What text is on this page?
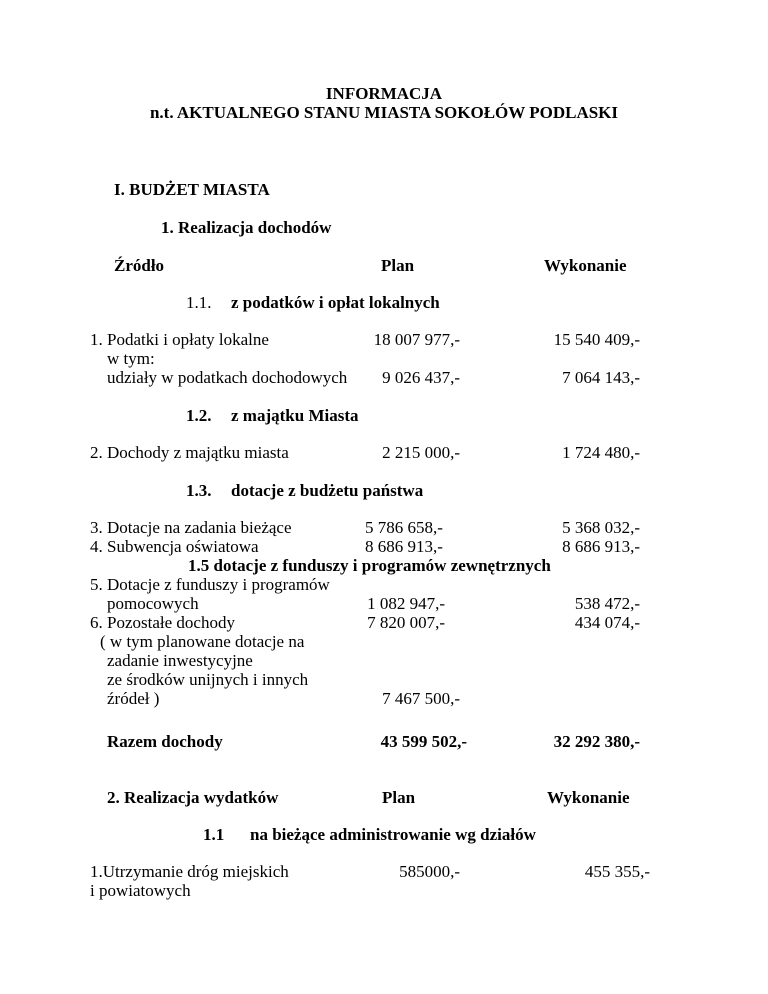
INFORMACJA
n.t. AKTUALNEGO STANU MIASTA SOKOŁÓW PODLASKI
I. BUDŻET MIASTA
1. Realizacja dochodów
Źródło	Plan	Wykonanie
1.1. z podatków i opłat lokalnych
1. Podatki i opłaty lokalne	18 007 977,-	15 540 409,-
w tym:
udziały w podatkach dochodowych	9 026 437,-	7 064 143,-
1.2. z majątku Miasta
2. Dochody z majątku miasta	2 215 000,-	1 724 480,-
1.3. dotacje z budżetu państwa
3. Dotacje na zadania bieżące	5 786 658,-	5 368 032,-
4. Subwencja oświatowa	8 686 913,-	8 686 913,-
1.5 dotacje z funduszy i programów zewnętrznych
5. Dotacje z funduszy i programów
pomocowych	1 082 947,-	538 472,-
6. Pozostałe dochody	7 820 007,-	434 074,-
( w tym planowane dotacje na
zadanie inwestycyjne
ze środków unijnych i innych
źródeł )	7 467 500,-
Razem dochody	43 599 502,-	32 292 380,-
2. Realizacja wydatków	Plan	Wykonanie
1.1 na bieżące administrowanie wg działów
1.Utrzymanie dróg miejskich
i powiatowych
585000,-	455 355,-
